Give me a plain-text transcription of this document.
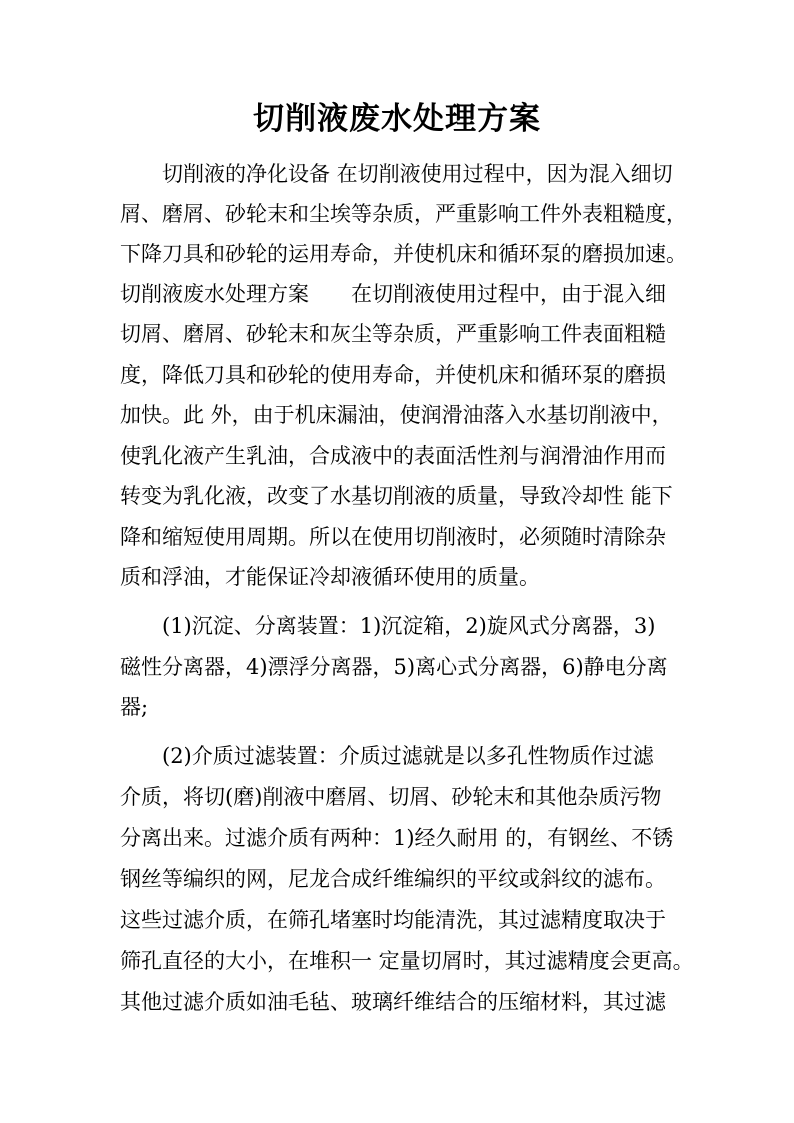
切削液废水处理方案

切削液的净化设备 在切削液使用过程中，因为混入细切

屑、磨屑、砂轮末和尘埃等杂质，严重影响工件外表粗糙度，

下降刀具和砂轮的运用寿命，并使机床和循环泵的磨损加速。

切削液废水处理方案　　在切削液使用过程中，由于混入细

切屑、磨屑、砂轮末和灰尘等杂质，严重影响工件表面粗糙

度，降低刀具和砂轮的使用寿命，并使机床和循环泵的磨损

加快。此 外，由于机床漏油，使润滑油落入水基切削液中，

使乳化液产生乳油，合成液中的表面活性剂与润滑油作用而

转变为乳化液，改变了水基切削液的质量，导致冷却性 能下

降和缩短使用周期。所以在使用切削液时，必须随时清除杂

质和浮油，才能保证冷却液循环使用的质量。

(1)沉淀、分离装置：1)沉淀箱，2)旋风式分离器，3)

磁性分离器，4)漂浮分离器，5)离心式分离器，6)静电分离

器;

(2)介质过滤装置：介质过滤就是以多孔性物质作过滤

介质，将切(磨)削液中磨屑、切屑、砂轮末和其他杂质污物

分离出来。过滤介质有两种：1)经久耐用 的，有钢丝、不锈

钢丝等编织的网，尼龙合成纤维编织的平纹或斜纹的滤布。

这些过滤介质，在筛孔堵塞时均能清洗，其过滤精度取决于

筛孔直径的大小，在堆积一 定量切屑时，其过滤精度会更高。

其他过滤介质如油毛毡、玻璃纤维结合的压缩材料，其过滤
